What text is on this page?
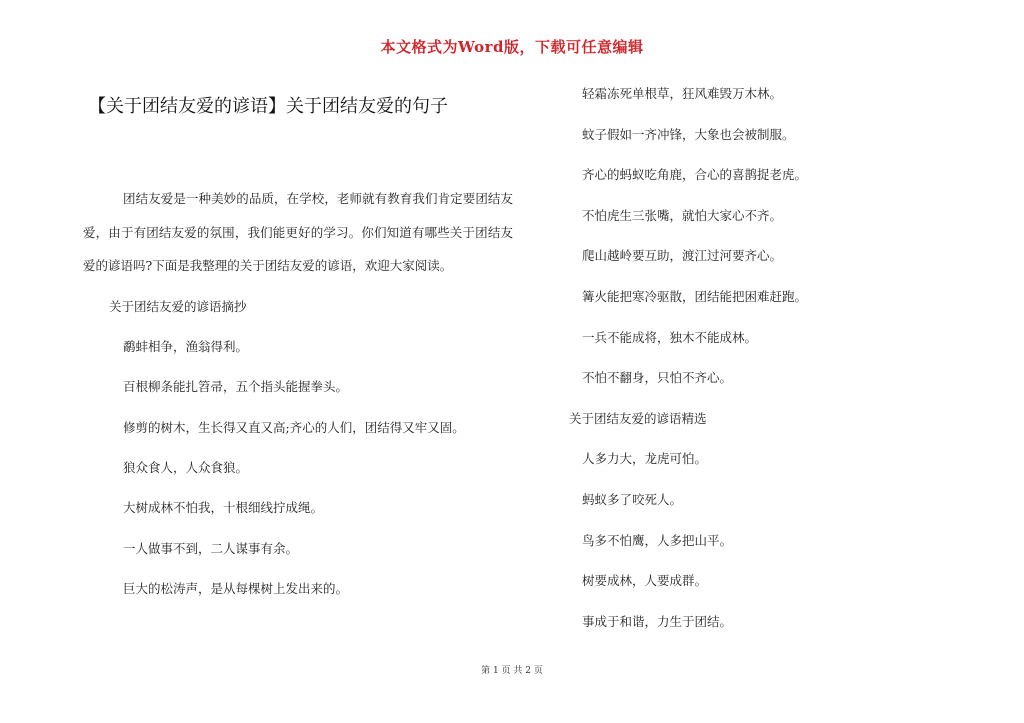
本文格式为Word版，下载可任意编辑
【关于团结友爱的谚语】关于团结友爱的句子

团结友爱是一种美妙的品质，在学校，老师就有教育我们肯定要团结友爱，由于有团结友爱的氛围，我们能更好的学习。你们知道有哪些关于团结友爱的谚语吗?下面是我整理的关于团结友爱的谚语，欢迎大家阅读。

关于团结友爱的谚语摘抄

鹬蚌相争，渔翁得利。

百根柳条能扎笤帚，五个指头能握拳头。

修剪的树木，生长得又直又高;齐心的人们，团结得又牢又固。

狼众食人，人众食狼。

大树成林不怕我，十根细线拧成绳。

一人做事不到，二人谋事有余。

巨大的松涛声，是从每棵树上发出来的。

轻霜冻死单根草，狂风难毁万木林。

蚊子假如一齐冲锋，大象也会被制服。

齐心的蚂蚁吃角鹿，合心的喜鹊捉老虎。

不怕虎生三张嘴，就怕大家心不齐。

爬山越岭要互助，渡江过河要齐心。

篝火能把寒冷驱散，团结能把困难赶跑。

一兵不能成将，独木不能成林。

不怕不翻身，只怕不齐心。

关于团结友爱的谚语精选

人多力大，龙虎可怕。

蚂蚁多了咬死人。

鸟多不怕鹰，人多把山平。

树要成林，人要成群。

事成于和谐，力生于团结。

第 1 页 共 2 页
